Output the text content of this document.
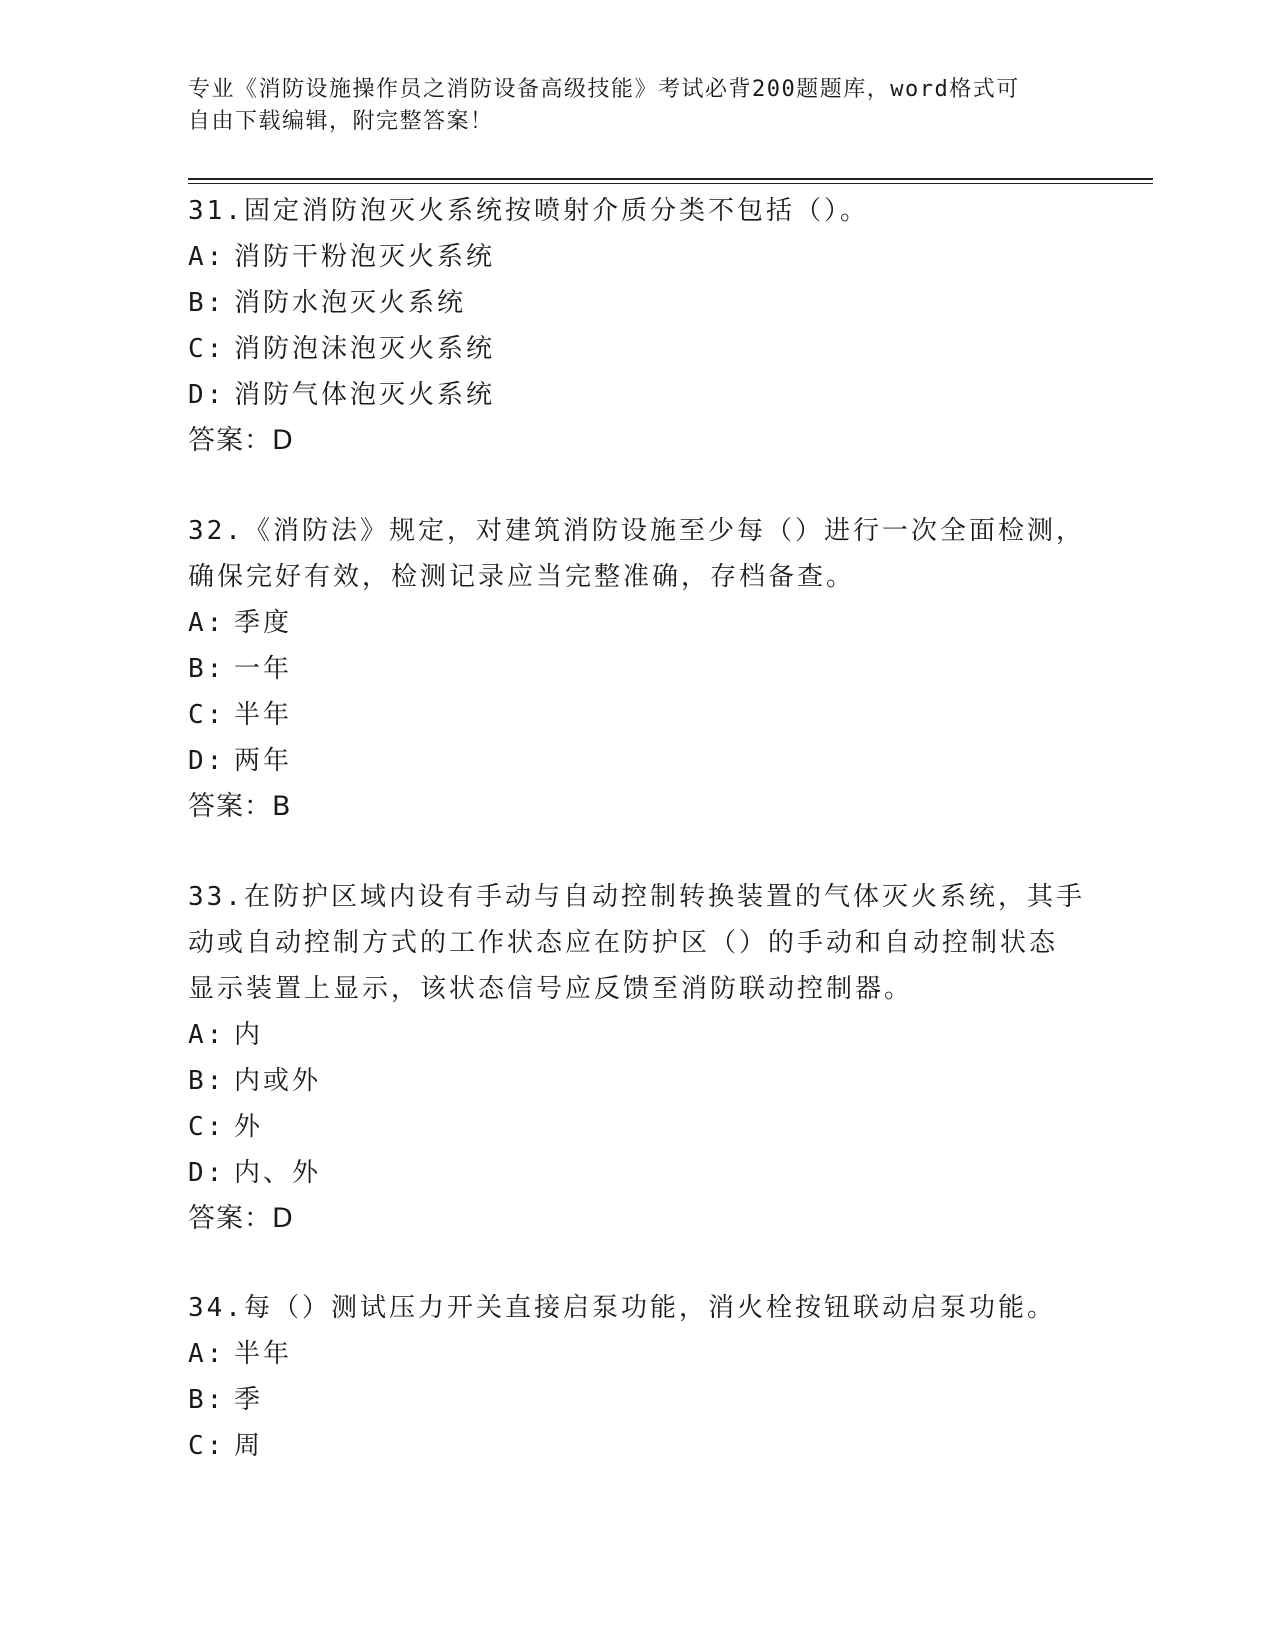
专业《消防设施操作员之消防设备高级技能》考试必背200题题库，word格式可
自由下载编辑，附完整答案！

31.固定消防泡灭火系统按喷射介质分类不包括（）。

A: 消防干粉泡灭火系统

B: 消防水泡灭火系统

C: 消防泡沫泡灭火系统

D: 消防气体泡灭火系统

答案：D

32.《消防法》规定，对建筑消防设施至少每（）进行一次全面检测，

确保完好有效，检测记录应当完整准确，存档备查。

A: 季度

B: 一年

C: 半年

D: 两年

答案：B

33.在防护区域内设有手动与自动控制转换装置的气体灭火系统，其手

动或自动控制方式的工作状态应在防护区（）的手动和自动控制状态

显示装置上显示，该状态信号应反馈至消防联动控制器。

A: 内

B: 内或外

C: 外

D: 内、外

答案：D

34.每（）测试压力开关直接启泵功能，消火栓按钮联动启泵功能。

A: 半年

B: 季

C: 周
